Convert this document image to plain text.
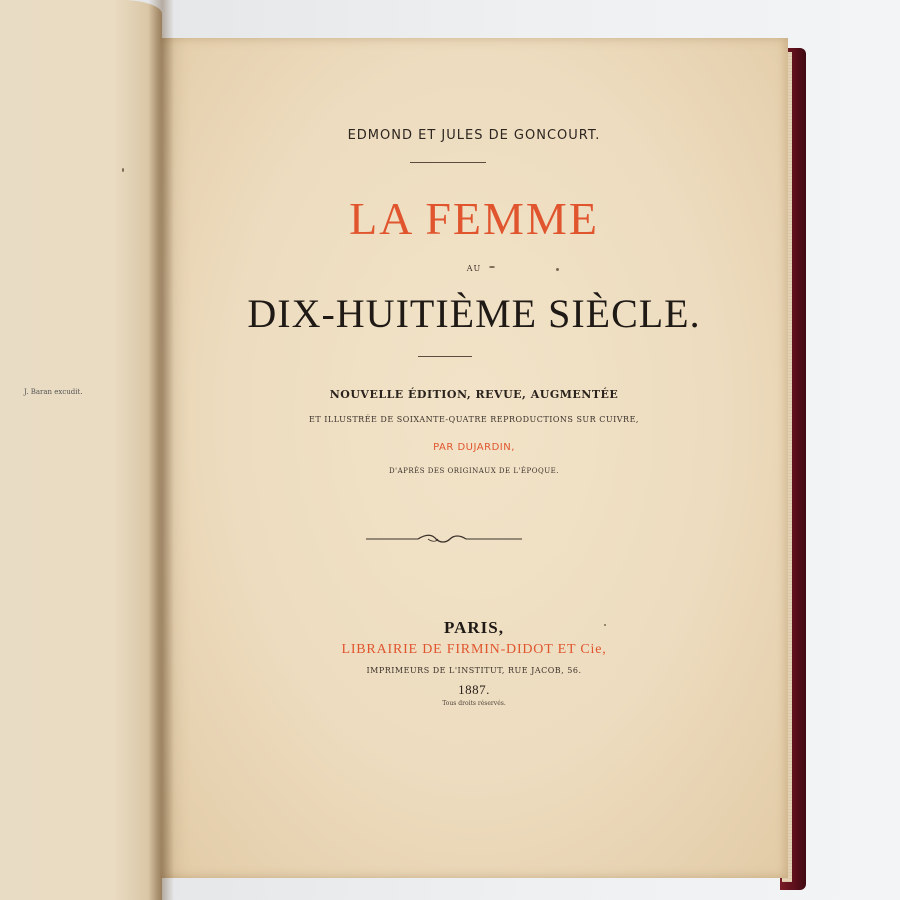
J. Baran excudit.
EDMOND ET JULES DE GONCOURT.
LA FEMME
AU
DIX-HUITIÈME SIÈCLE.
NOUVELLE ÉDITION, REVUE, AUGMENTÉE
ET ILLUSTRÉE DE SOIXANTE-QUATRE REPRODUCTIONS SUR CUIVRE,
PAR DUJARDIN,
D'APRÈS DES ORIGINAUX DE L'ÉPOQUE.
PARIS,
LIBRAIRIE DE FIRMIN-DIDOT ET Cie,
IMPRIMEURS DE L'INSTITUT, RUE JACOB, 56.
1887.
Tous droits réservés.
